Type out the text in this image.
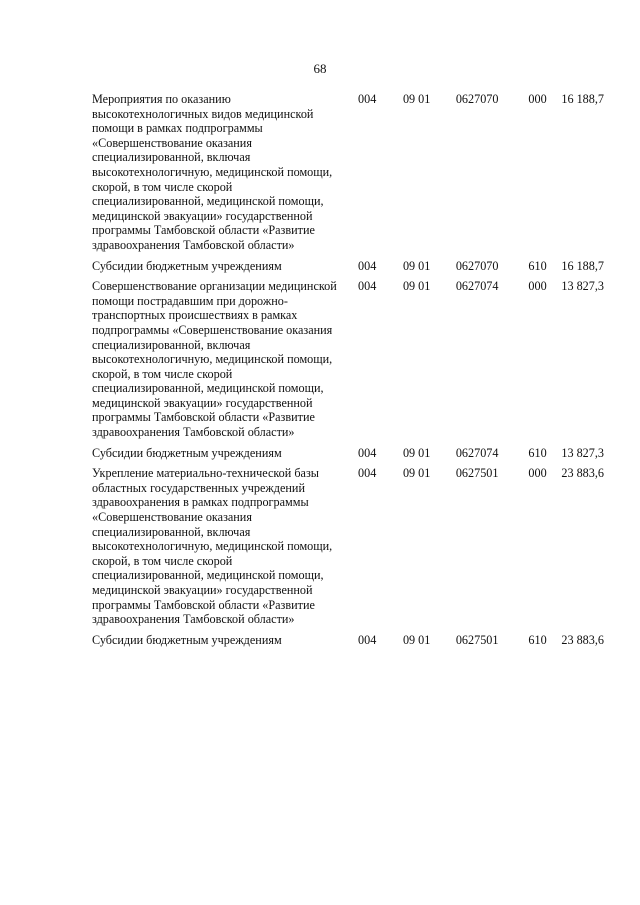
68
Мероприятия по оказанию высокотехнологичных видов медицинской помощи в рамках подпрограммы «Совершенствование оказания специализированной, включая высокотехнологичную, медицинской помощи, скорой, в том числе скорой специализированной, медицинской помощи, медицинской эвакуации» государственной программы Тамбовской области «Развитие здравоохранения Тамбовской области»	004	09 01	0627070	000	16 188,7

Субсидии бюджетным учреждениям	004	09 01	0627070	610	16 188,7

Совершенствование организации медицинской помощи пострадавшим при дорожно-транспортных происшествиях в рамках подпрограммы «Совершенствование оказания специализированной, включая высокотехнологичную, медицинской помощи, скорой, в том числе скорой специализированной, медицинской помощи, медицинской эвакуации» государственной программы Тамбовской области «Развитие здравоохранения Тамбовской области»	004	09 01	0627074	000	13 827,3

Субсидии бюджетным учреждениям	004	09 01	0627074	610	13 827,3

Укрепление материально-технической базы областных государственных учреждений здравоохранения в рамках подпрограммы «Совершенствование оказания специализированной, включая высокотехнологичную, медицинской помощи, скорой, в том числе скорой специализированной, медицинской помощи, медицинской эвакуации» государственной программы Тамбовской области «Развитие здравоохранения Тамбовской области»	004	09 01	0627501	000	23 883,6

Субсидии бюджетным учреждениям	004	09 01	0627501	610	23 883,6
